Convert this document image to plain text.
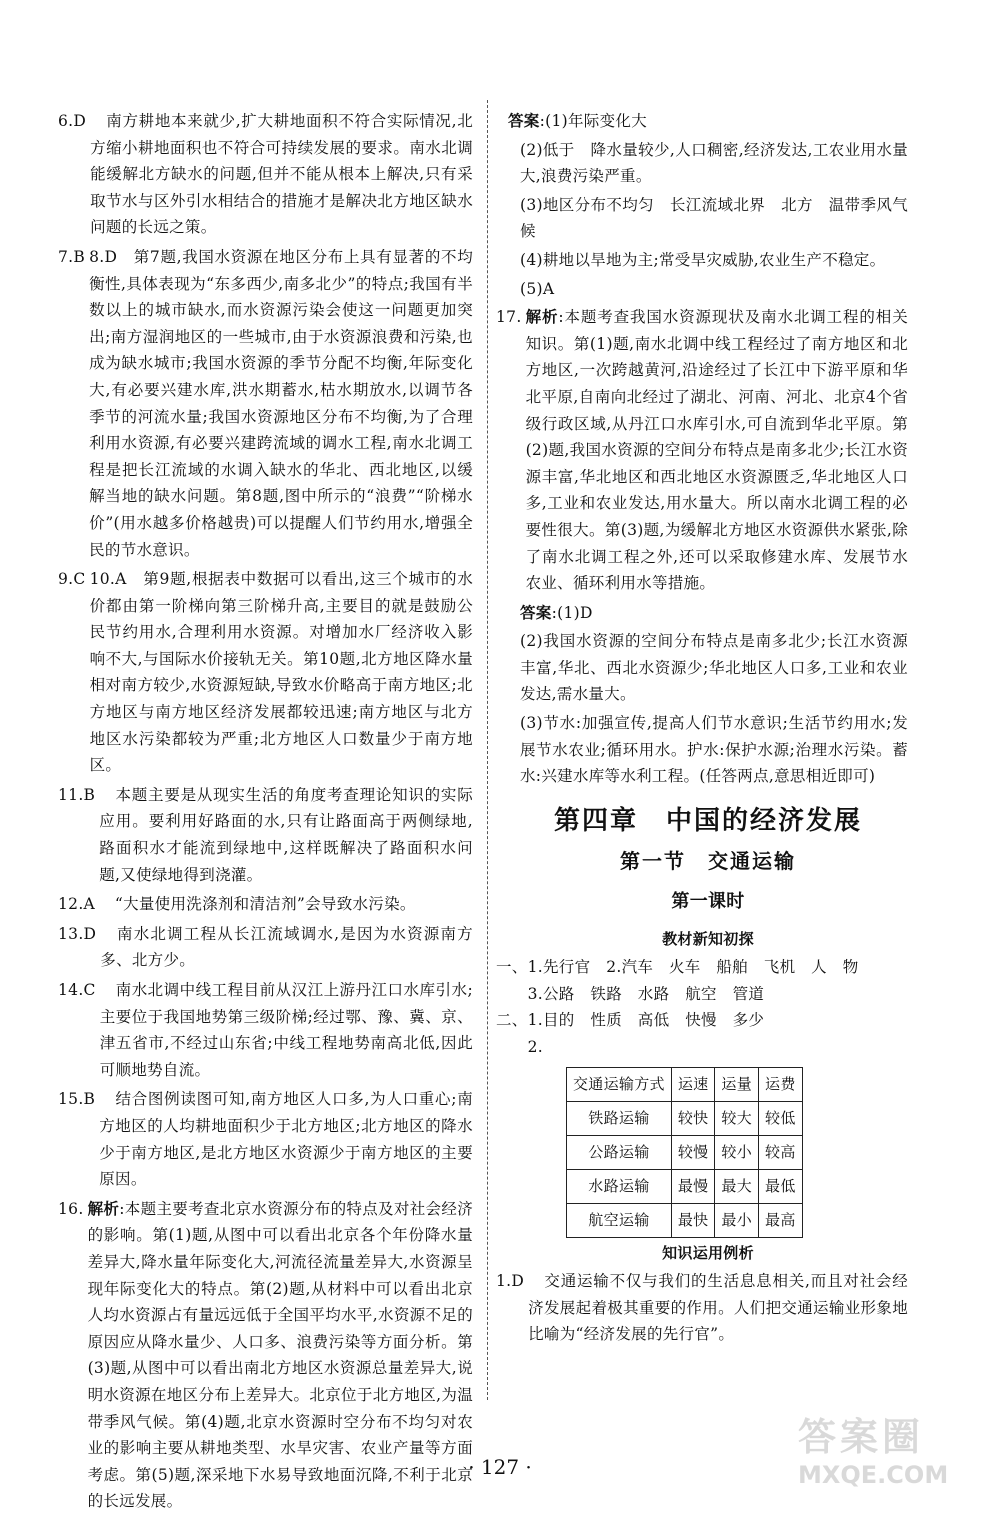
6.D 　南方耕地本来就少,扩大耕地面积不符合实际情况,北方缩小耕地面积也不符合可持续发展的要求。南水北调能缓解北方缺水的问题,但并不能从根本上解决,只有采取节水与区外引水相结合的措施才是解决北方地区缺水问题的长远之策。
7.B 8.D　第7题,我国水资源在地区分布上具有显著的不均衡性,具体表现为“东多西少,南多北少”的特点;我国有半数以上的城市缺水,而水资源污染会使这一问题更加突出;南方湿润地区的一些城市,由于水资源浪费和污染,也成为缺水城市;我国水资源的季节分配不均衡,年际变化大,有必要兴建水库,洪水期蓄水,枯水期放水,以调节各季节的河流水量;我国水资源地区分布不均衡,为了合理利用水资源,有必要兴建跨流域的调水工程,南水北调工程是把长江流域的水调入缺水的华北、西北地区,以缓解当地的缺水问题。第8题,图中所示的“浪费”“阶梯水价”(用水越多价格越贵)可以提醒人们节约用水,增强全民的节水意识。
9.C 10.A　第9题,根据表中数据可以看出,这三个城市的水价都由第一阶梯向第三阶梯升高,主要目的就是鼓励公民节约用水,合理利用水资源。对增加水厂经济收入影响不大,与国际水价接轨无关。第10题,北方地区降水量相对南方较少,水资源短缺,导致水价略高于南方地区;北方地区与南方地区经济发展都较迅速;南方地区与北方地区水污染都较为严重;北方地区人口数量少于南方地区。
11.B 　本题主要是从现实生活的角度考查理论知识的实际应用。要利用好路面的水,只有让路面高于两侧绿地,路面积水才能流到绿地中,这样既解决了路面积水问题,又使绿地得到浇灌。
12.A 　“大量使用洗涤剂和清洁剂”会导致水污染。
13.D 　南水北调工程从长江流域调水,是因为水资源南方多、北方少。
14.C 　南水北调中线工程目前从汉江上游丹江口水库引水;主要位于我国地势第三级阶梯;经过鄂、豫、冀、京、津五省市,不经过山东省;中线工程地势南高北低,因此可顺地势自流。
15.B 　结合图例读图可知,南方地区人口多,为人口重心;南方地区的人均耕地面积少于北方地区;北方地区的降水少于南方地区,是北方地区水资源少于南方地区的主要原因。
16. 解析:本题主要考查北京水资源分布的特点及对社会经济的影响。第(1)题,从图中可以看出北京各个年份降水量差异大,降水量年际变化大,河流径流量差异大,水资源呈现年际变化大的特点。第(2)题,从材料中可以看出北京人均水资源占有量远远低于全国平均水平,水资源不足的原因应从降水量少、人口多、浪费污染等方面分析。第(3)题,从图中可以看出南北方地区水资源总量差异大,说明水资源在地区分布上差异大。北京位于北方地区,为温带季风气候。第(4)题,北京水资源时空分布不均匀对农业的影响主要从耕地类型、水旱灾害、农业产量等方面考虑。第(5)题,深采地下水易导致地面沉降,不利于北京的长远发展。
答案:(1)年际变化大
(2)低于　降水量较少,人口稠密,经济发达,工农业用水量大,浪费污染严重。
(3)地区分布不均匀　长江流域北界　北方　温带季风气候
(4)耕地以旱地为主;常受旱灾威胁,农业生产不稳定。
(5)A
17. 解析:本题考查我国水资源现状及南水北调工程的相关知识。第(1)题,南水北调中线工程经过了南方地区和北方地区,一次跨越黄河,沿途经过了长江中下游平原和华北平原,自南向北经过了湖北、河南、河北、北京4个省级行政区域,从丹江口水库引水,可自流到华北平原。第(2)题,我国水资源的空间分布特点是南多北少;长江水资源丰富,华北地区和西北地区水资源匮乏,华北地区人口多,工业和农业发达,用水量大。所以南水北调工程的必要性很大。第(3)题,为缓解北方地区水资源供水紧张,除了南水北调工程之外,还可以采取修建水库、发展节水农业、循环利用水等措施。
答案:(1)D
(2)我国水资源的空间分布特点是南多北少;长江水资源丰富,华北、西北水资源少;华北地区人口多,工业和农业发达,需水量大。
(3)节水:加强宣传,提高人们节水意识;生活节约用水;发展节水农业;循环用水。护水:保护水源;治理水污染。蓄水:兴建水库等水利工程。(任答两点,意思相近即可)
第四章　中国的经济发展
第一节　交通运输
第一课时
教材新知初探
一、1.先行官　2.汽车　火车　船舶　飞机　人　物
　　3.公路　铁路　水路　航空　管道
二、1.目的　性质　高低　快慢　多少
　　2.
交通运输方式	运速	运量	运费
铁路运输	较快	较大	较低
公路运输	较慢	较小	较高
水路运输	最慢	最大	最低
航空运输	最快	最小	最高
知识运用例析
1.D 　交通运输不仅与我们的生活息息相关,而且对社会经济发展起着极其重要的作用。人们把交通运输业形象地比喻为“经济发展的先行官”。
· 127 ·
答案圈
MXQE.COM
